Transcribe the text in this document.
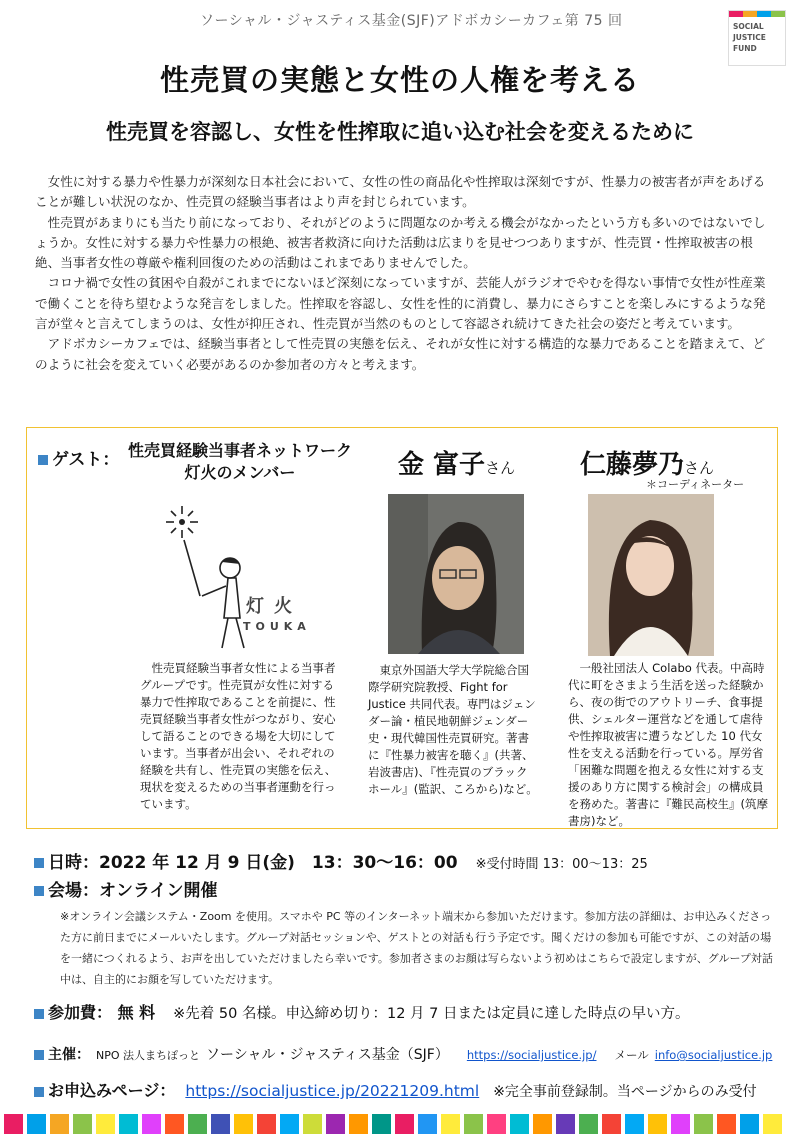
ソーシャル・ジャスティス基金(SJF)アドボカシーカフェ第 75 回	SOCIAL
JUSTICE
FUND
性売買の実態と女性の人権を考える
性売買を容認し、女性を性搾取に追い込む社会を変えるために

女性に対する暴力や性暴力が深刻な日本社会において、女性の性の商品化や性搾取は深刻ですが、性暴力の被害者が声をあげることが難しい状況のなか、性売買の経験当事者はより声を封じられています。

性売買があまりにも当たり前になっており、それがどのように問題なのか考える機会がなかったという方も多いのではないでしょうか。女性に対する暴力や性暴力の根絶、被害者救済に向けた活動は広まりを見せつつありますが、性売買・性搾取被害の根絶、当事者女性の尊厳や権利回復のための活動はこれまでありませんでした。

コロナ禍で女性の貧困や自殺がこれまでにないほど深刻になっていますが、芸能人がラジオでやむを得ない事情で女性が性産業で働くことを待ち望むような発言をしました。性搾取を容認し、女性を性的に消費し、暴力にさらすことを楽しみにするような発言が堂々と言えてしまうのは、女性が抑圧され、性売買が当然のものとして容認され続けてきた社会の姿だと考えています。

アドボカシーカフェでは、経験当事者として性売買の実態を伝え、それが女性に対する構造的な暴力であることを踏まえて、どのように社会を変えていく必要があるのか参加者の方々と考えます。

ゲスト： 性売買経験当事者ネットワーク
灯火のメンバー
灯火
TOUKA

性売買経験当事者女性による当事者グループです。性売買が女性に対する暴力で性搾取であることを前提に、性売買経験当事者女性がつながり、安心して語ることのできる場を大切にしています。当事者が出会い、それぞれの経験を共有し、性売買の実態を伝え、現状を変えるための当事者運動を行っています。

金 富子さん

東京外国語大学大学院総合国際学研究院教授、Fight for Justice 共同代表。専門はジェンダー論・植民地朝鮮ジェンダー史・現代韓国性売買研究。著書に『性暴力被害を聴く』(共著、岩波書店)、『性売買のブラックホール』(監訳、ころから)など。

仁藤夢乃さん
＊コーディネーター

一般社団法人 Colabo 代表。中高時代に町をさまよう生活を送った経験から、夜の街でのアウトリーチ、食事提供、シェルター運営などを通して虐待や性搾取被害に遭うなどした 10 代女性を支える活動を行っている。厚労省「困難な問題を抱える女性に対する支援のあり方に関する検討会」の構成員を務めた。著書に『難民高校生』(筑摩書房)など。

日時：2022 年 12 月 9 日(金)　13：30〜16：00 ※受付時間 13：00〜13：25
会場：オンライン開催

※オンライン会議システム・Zoom を使用。スマホや PC 等のインターネット端末から参加いただけます。参加方法の詳細は、お申込みくださった方に前日までにメールいたします。グループ対話セッションや、ゲストとの対話も行う予定です。聞くだけの参加も可能ですが、この対話の場を一緒につくれるよう、お声を出していただけましたら幸いです。参加者さまのお顔は写らないよう初めはこちらで設定しますが、グループ対話中は、自主的にお顔を写していただけます。

参加費： 無 料 ※先着 50 名様。申込締め切り：12 月 7 日または定員に達した時点の早い方。
主催： NPO 法人まちぽっと ソーシャル・ジャスティス基金（SJF） https://socialjustice.jp/ メール info@socialjustice.jp
お申込みページ： https://socialjustice.jp/20221209.html ※完全事前登録制。当ページからのみ受付
